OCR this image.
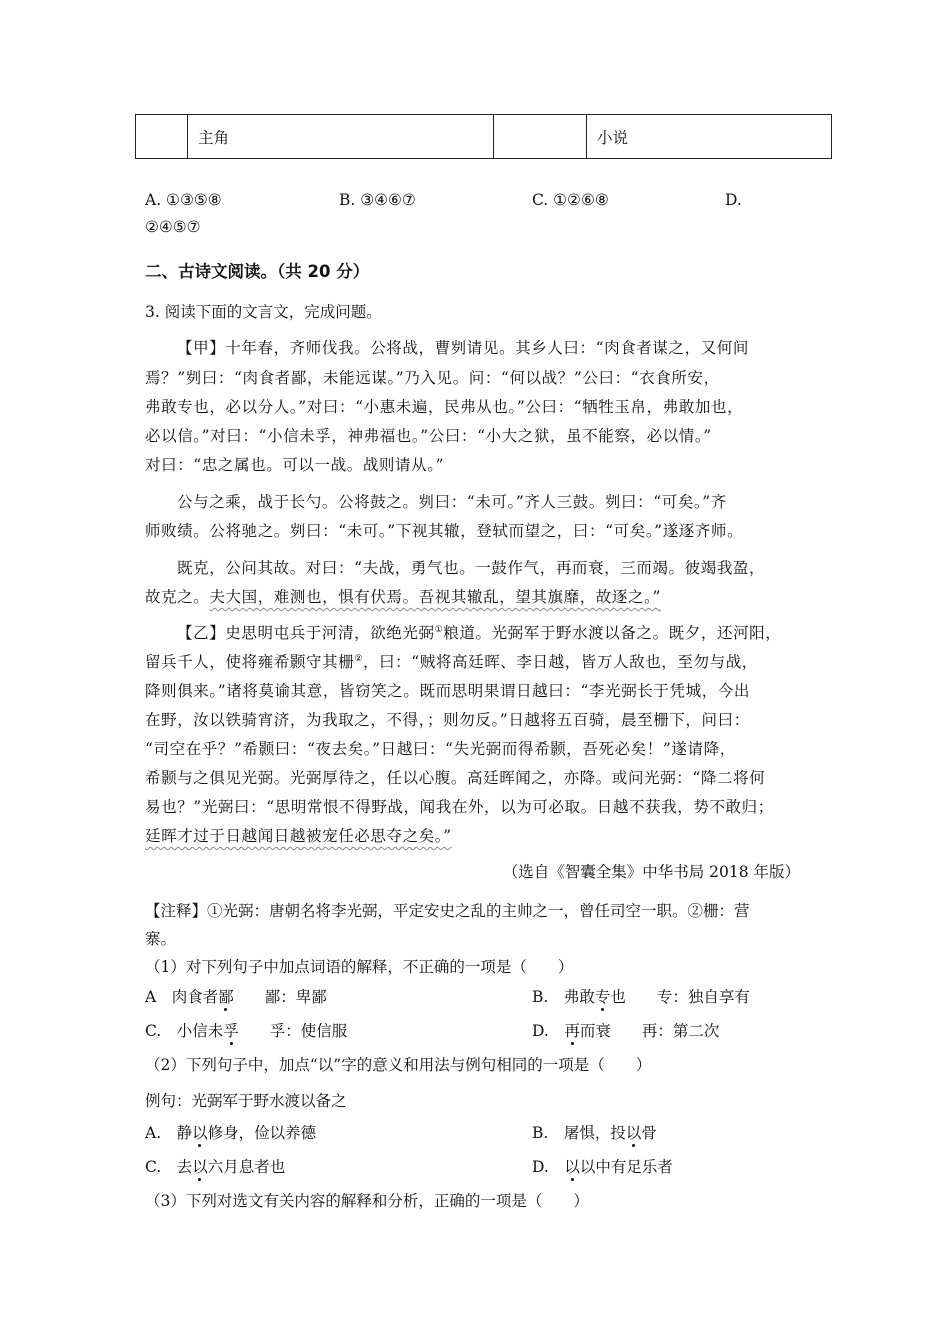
	主角		小说
A. ①③⑤⑧	B. ③④⑥⑦	C. ①②⑥⑧	D.
②④⑤⑦
二、古诗文阅读。（共 20 分）
3. 阅读下面的文言文，完成问题。
【甲】十年春，齐师伐我。公将战，曹刿请见。其乡人曰：“肉食者谋之，又何间
焉？”刿曰：“肉食者鄙，未能远谋。”乃入见。问：“何以战？”公曰：“衣食所安，
弗敢专也，必以分人。”对曰：“小惠未遍，民弗从也。”公曰：“牺牲玉帛，弗敢加也，
必以信。”对曰：“小信未孚，神弗福也。”公曰：“小大之狱，虽不能察，必以情。”
对曰：“忠之属也。可以一战。战则请从。”
公与之乘，战于长勺。公将鼓之。刿曰：“未可。”齐人三鼓。刿曰：“可矣。”齐
师败绩。公将驰之。刿曰：“未可。”下视其辙，登轼而望之，曰：“可矣。”遂逐齐师。
既克，公问其故。对曰：“夫战，勇气也。一鼓作气，再而衰，三而竭。彼竭我盈，
故克之。夫大国，难测也，惧有伏焉。吾视其辙乱，望其旗靡，故逐之。”
【乙】史思明屯兵于河清，欲绝光弼①粮道。光弼军于野水渡以备之。既夕，还河阳，
留兵千人，使将雍希颢守其栅②，曰：“贼将高廷晖、李日越，皆万人敌也，至勿与战，
降则俱来。”诸将莫谕其意，皆窃笑之。既而思明果谓日越曰：“李光弼长于凭城，今出
在野，汝以铁骑宵济，为我取之，不得，；则勿反。”日越将五百骑，晨至栅下，问曰：
“司空在乎？”希颢曰：“夜去矣。”日越曰：“失光弼而得希颢，吾死必矣！”遂请降，
希颢与之俱见光弼。光弼厚待之，任以心腹。高廷晖闻之，亦降。或问光弼：“降二将何
易也？”光弼曰：“思明常恨不得野战，闻我在外，以为可必取。日越不获我，势不敢归；
廷晖才过于日越闻日越被宠任必思夺之矣。”
（选自《智囊全集》中华书局 2018 年版）
【注释】①光弼：唐朝名将李光弼，平定安史之乱的主帅之一，曾任司空一职。②栅：营
寨。
（1）对下列句子中加点词语的解释，不正确的一项是（　　）
A　肉食者鄙　　鄙：卑鄙	B.　弗敢专也　　专：独自享有
C.　小信未孚　　孚：使信服	D.　再而衰　　再：第二次
（2）下列句子中，加点“以”字的意义和用法与例句相同的一项是（　　）
例句：光弼军于野水渡以备之
A.　静以修身，俭以养德	B.　屠惧，投以骨
C.　去以六月息者也	D.　以以中有足乐者
（3）下列对选文有关内容的解释和分析，正确的一项是（　　）
